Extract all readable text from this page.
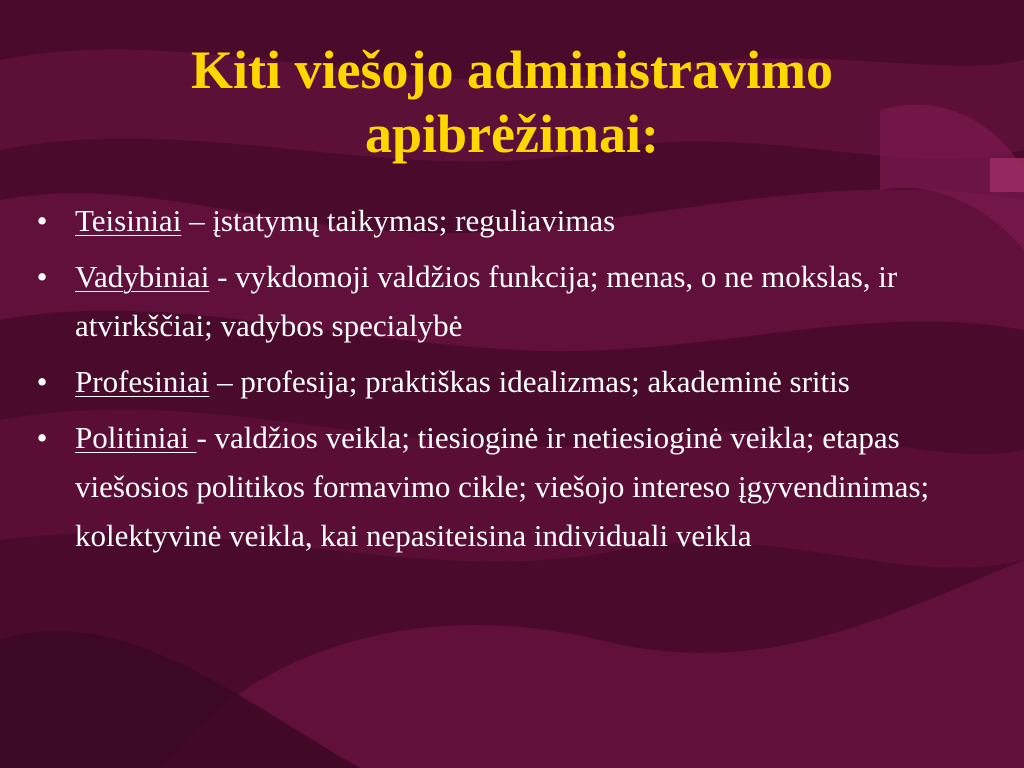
Kiti viešojo administravimo apibrėžimai:
• Teisiniai – įstatymų taikymas; reguliavimas
• Vadybiniai - vykdomoji valdžios funkcija; menas, o ne mokslas, ir atvirkščiai; vadybos specialybė
• Profesiniai – profesija; praktiškas idealizmas; akademinė sritis
• Politiniai - valdžios veikla; tiesioginė ir netiesioginė veikla; etapas viešosios politikos formavimo cikle; viešojo intereso įgyvendinimas; kolektyvinė veikla, kai nepasiteisina individuali veikla
